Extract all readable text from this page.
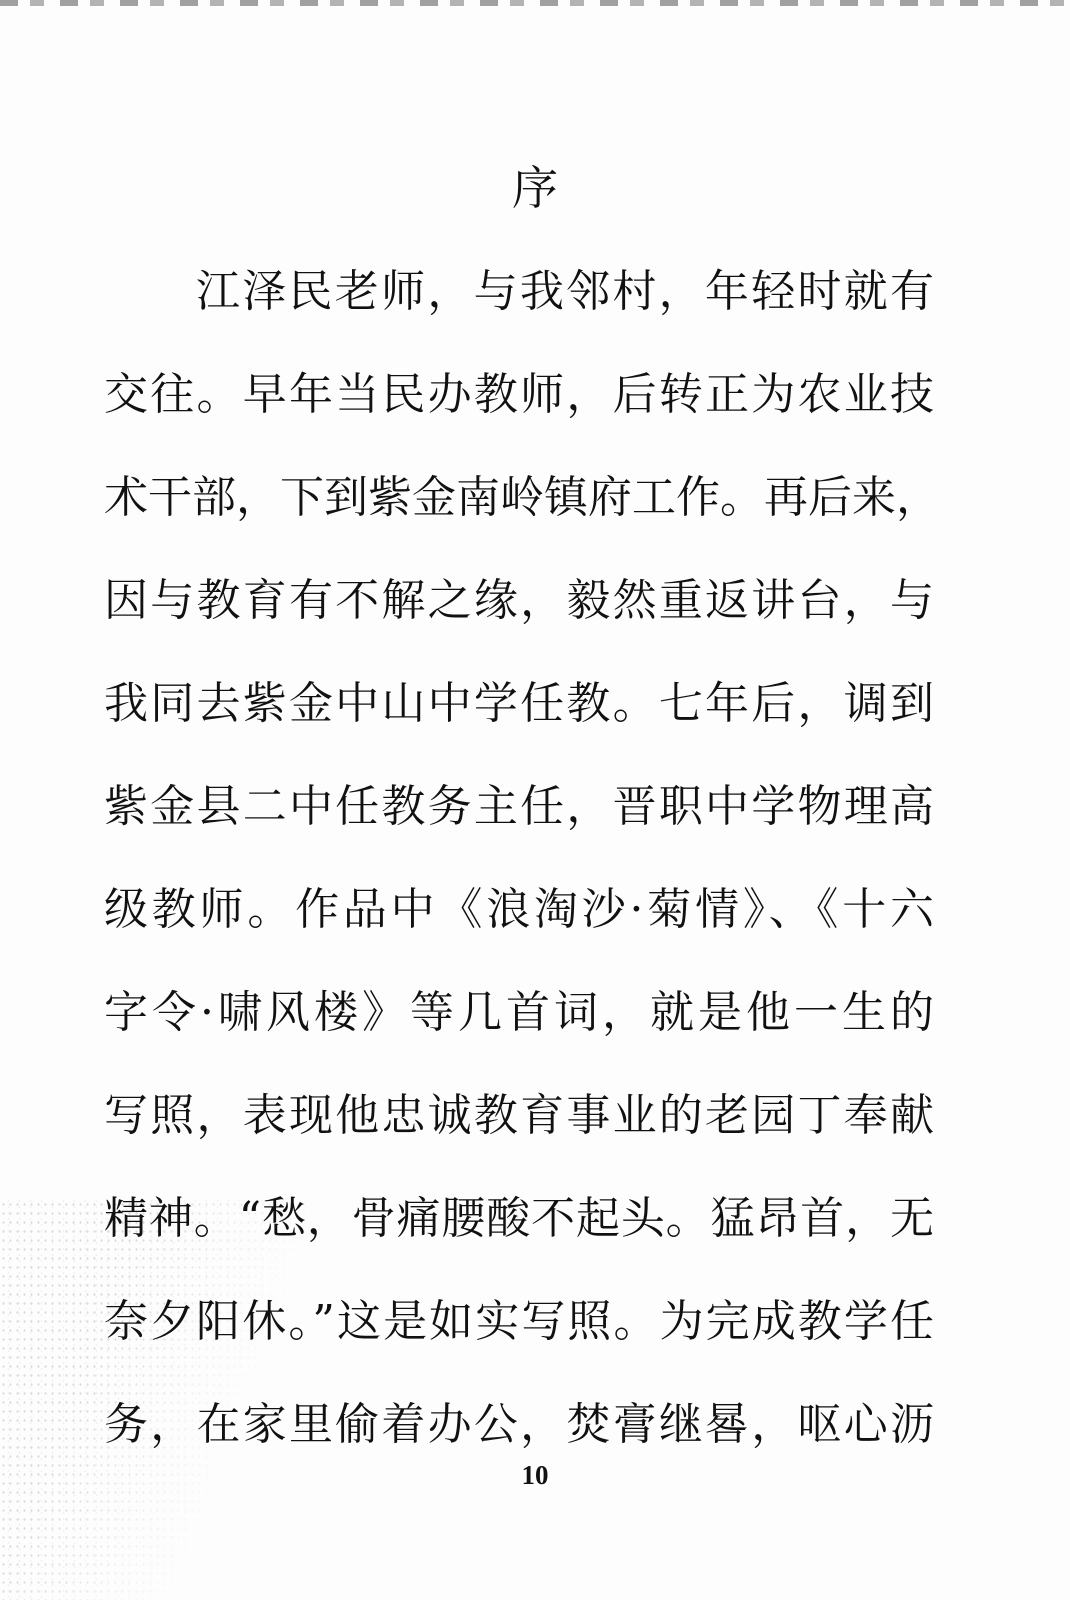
序
江泽民老师，与我邻村，年轻时就有
交往。早年当民办教师，后转正为农业技
术干部，下到紫金南岭镇府工作。再后来，
因与教育有不解之缘，毅然重返讲台，与
我同去紫金中山中学任教。七年后，调到
紫金县二中任教务主任，晋职中学物理高
级教师。作品中《浪淘沙·菊情》、《十六
字令·啸风楼》等几首词，就是他一生的
写照，表现他忠诚教育事业的老园丁奉献
精神。“愁，骨痛腰酸不起头。猛昂首，无
奈夕阳休。”这是如实写照。为完成教学任
务，在家里偷着办公，焚膏继晷，呕心沥
10
